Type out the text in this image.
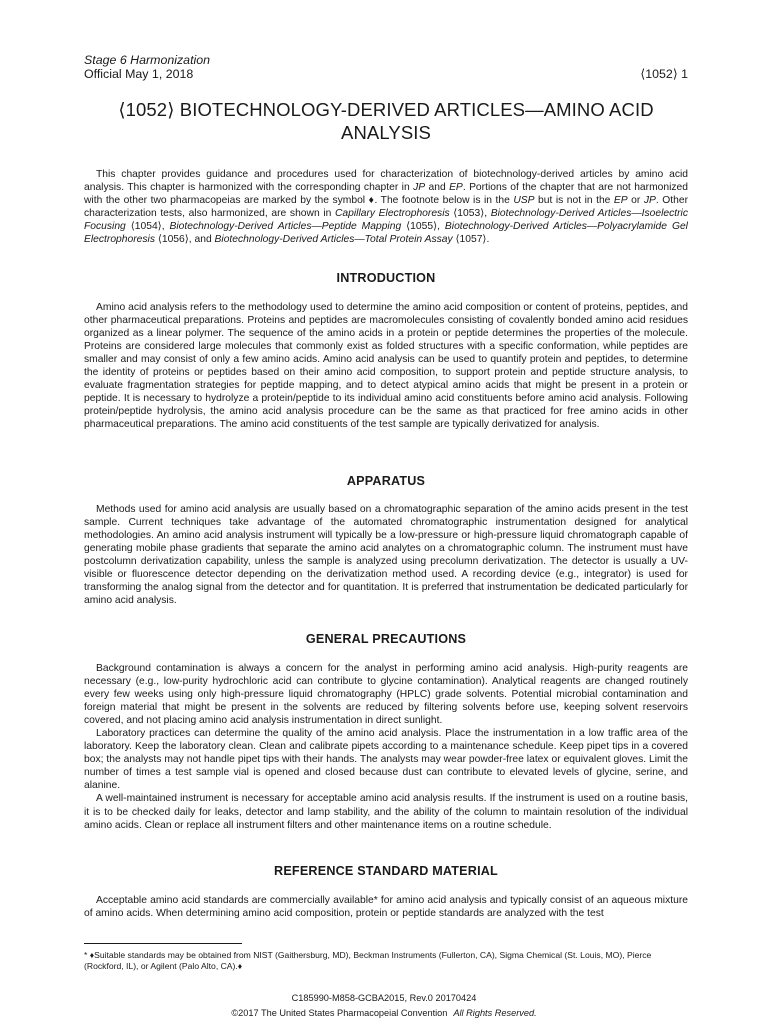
Stage 6 Harmonization
Official May 1, 2018	⟨1052⟩ 1
⟨1052⟩ BIOTECHNOLOGY-DERIVED ARTICLES—AMINO ACID
ANALYSIS

This chapter provides guidance and procedures used for characterization of biotechnology-derived articles by amino acid analysis. This chapter is harmonized with the corresponding chapter in JP and EP. Portions of the chapter that are not harmonized with the other two pharmacopeias are marked by the symbol ♦. The footnote below is in the USP but is not in the EP or JP. Other characterization tests, also harmonized, are shown in Capillary Electrophoresis ⟨1053⟩, Biotechnology-Derived Articles—Isoelectric Focusing ⟨1054⟩, Biotechnology-Derived Articles—Peptide Mapping ⟨1055⟩, Biotechnology-Derived Articles—Polyacrylamide Gel Electrophoresis ⟨1056⟩, and Biotechnology-Derived Articles—Total Protein Assay ⟨1057⟩.

INTRODUCTION

Amino acid analysis refers to the methodology used to determine the amino acid composition or content of proteins, peptides, and other pharmaceutical preparations. Proteins and peptides are macromolecules consisting of covalently bonded amino acid residues organized as a linear polymer. The sequence of the amino acids in a protein or peptide determines the properties of the molecule. Proteins are considered large molecules that commonly exist as folded structures with a specific conformation, while peptides are smaller and may consist of only a few amino acids. Amino acid analysis can be used to quantify protein and peptides, to determine the identity of proteins or peptides based on their amino acid composition, to support protein and peptide structure analysis, to evaluate fragmentation strategies for peptide mapping, and to detect atypical amino acids that might be present in a protein or peptide. It is necessary to hydrolyze a protein/peptide to its individual amino acid constituents before amino acid analysis. Following protein/peptide hydrolysis, the amino acid analysis procedure can be the same as that practiced for free amino acids in other pharmaceutical preparations. The amino acid constituents of the test sample are typically derivatized for analysis.

APPARATUS

Methods used for amino acid analysis are usually based on a chromatographic separation of the amino acids present in the test sample. Current techniques take advantage of the automated chromatographic instrumentation designed for analytical methodologies. An amino acid analysis instrument will typically be a low-pressure or high-pressure liquid chromatograph capable of generating mobile phase gradients that separate the amino acid analytes on a chromatographic column. The instrument must have postcolumn derivatization capability, unless the sample is analyzed using precolumn derivatization. The detector is usually a UV-visible or fluorescence detector depending on the derivatization method used. A recording device (e.g., integrator) is used for transforming the analog signal from the detector and for quantitation. It is preferred that instrumentation be dedicated particularly for amino acid analysis.

GENERAL PRECAUTIONS

Background contamination is always a concern for the analyst in performing amino acid analysis. High-purity reagents are necessary (e.g., low-purity hydrochloric acid can contribute to glycine contamination). Analytical reagents are changed routinely every few weeks using only high-pressure liquid chromatography (HPLC) grade solvents. Potential microbial contamination and foreign material that might be present in the solvents are reduced by filtering solvents before use, keeping solvent reservoirs covered, and not placing amino acid analysis instrumentation in direct sunlight.

Laboratory practices can determine the quality of the amino acid analysis. Place the instrumentation in a low traffic area of the laboratory. Keep the laboratory clean. Clean and calibrate pipets according to a maintenance schedule. Keep pipet tips in a covered box; the analysts may not handle pipet tips with their hands. The analysts may wear powder-free latex or equivalent gloves. Limit the number of times a test sample vial is opened and closed because dust can contribute to elevated levels of glycine, serine, and alanine.

A well-maintained instrument is necessary for acceptable amino acid analysis results. If the instrument is used on a routine basis, it is to be checked daily for leaks, detector and lamp stability, and the ability of the column to maintain resolution of the individual amino acids. Clean or replace all instrument filters and other maintenance items on a routine schedule.

REFERENCE STANDARD MATERIAL

Acceptable amino acid standards are commercially available* for amino acid analysis and typically consist of an aqueous mixture of amino acids. When determining amino acid composition, protein or peptide standards are analyzed with the test

* ♦Suitable standards may be obtained from NIST (Gaithersburg, MD), Beckman Instruments (Fullerton, CA), Sigma Chemical (St. Louis, MO), Pierce (Rockford, IL), or Agilent (Palo Alto, CA).♦
C185990-M858-GCBA2015, Rev.0 20170424
©2017 The United States Pharmacopeial Convention All Rights Reserved.
